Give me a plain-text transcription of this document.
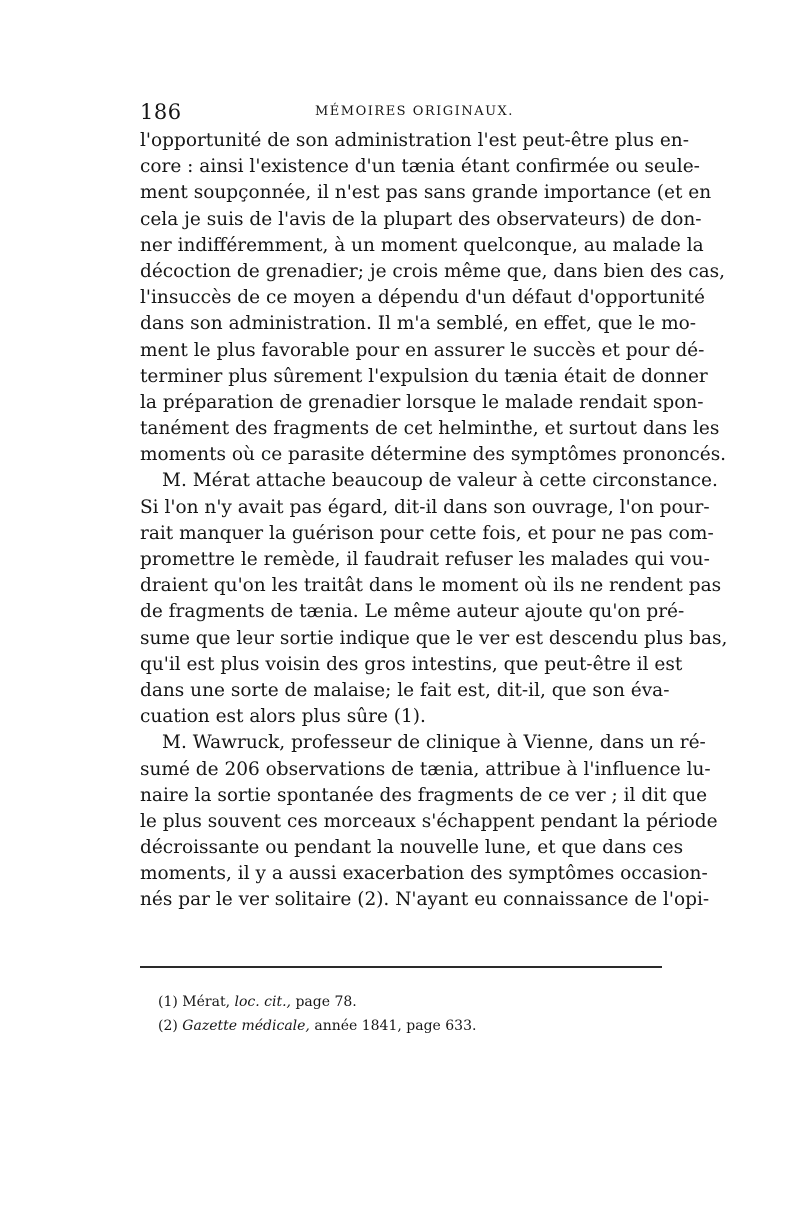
186	MÉMOIRES ORIGINAUX.
l'opportunité de son administration l'est peut-être plus en-
core : ainsi l'existence d'un tænia étant confirmée ou seule-
ment soupçonnée, il n'est pas sans grande importance (et en
cela je suis de l'avis de la plupart des observateurs) de don-
ner indifféremment, à un moment quelconque, au malade la
décoction de grenadier; je crois même que, dans bien des cas,
l'insuccès de ce moyen a dépendu d'un défaut d'opportunité
dans son administration. Il m'a semblé, en effet, que le mo-
ment le plus favorable pour en assurer le succès et pour dé-
terminer plus sûrement l'expulsion du tænia était de donner
la préparation de grenadier lorsque le malade rendait spon-
tanément des fragments de cet helminthe, et surtout dans les
moments où ce parasite détermine des symptômes prononcés.
M. Mérat attache beaucoup de valeur à cette circonstance.
Si l'on n'y avait pas égard, dit-il dans son ouvrage, l'on pour-
rait manquer la guérison pour cette fois, et pour ne pas com-
promettre le remède, il faudrait refuser les malades qui vou-
draient qu'on les traitât dans le moment où ils ne rendent pas
de fragments de tænia. Le même auteur ajoute qu'on pré-
sume que leur sortie indique que le ver est descendu plus bas,
qu'il est plus voisin des gros intestins, que peut-être il est
dans une sorte de malaise; le fait est, dit-il, que son éva-
cuation est alors plus sûre (1).
M. Wawruck, professeur de clinique à Vienne, dans un ré-
sumé de 206 observations de tænia, attribue à l'influence lu-
naire la sortie spontanée des fragments de ce ver ; il dit que
le plus souvent ces morceaux s'échappent pendant la période
décroissante ou pendant la nouvelle lune, et que dans ces
moments, il y a aussi exacerbation des symptômes occasion-
nés par le ver solitaire (2). N'ayant eu connaissance de l'opi-
(1) Mérat, loc. cit., page 78.
(2) Gazette médicale, année 1841, page 633.
